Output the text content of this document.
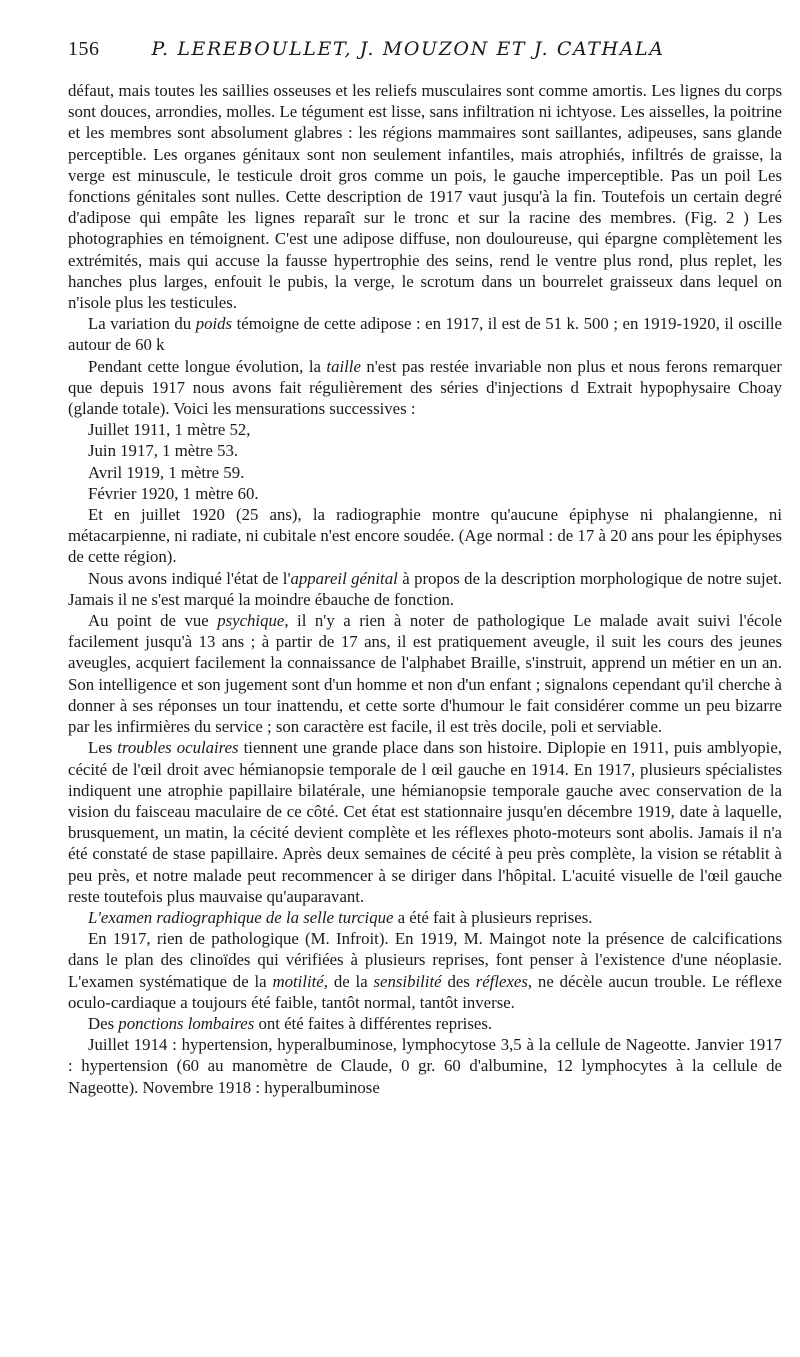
156	P. LEREBOULLET, J. MOUZON ET J. CATHALA

défaut, mais toutes les saillies osseuses et les reliefs musculaires sont comme amortis. Les lignes du corps sont douces, arrondies, molles. Le tégument est lisse, sans infiltration ni ichtyose. Les aisselles, la poitrine et les membres sont absolument glabres : les régions mammaires sont saillantes, adipeuses, sans glande perceptible. Les organes génitaux sont non seulement infantiles, mais atrophiés, infiltrés de graisse, la verge est minuscule, le testicule droit gros comme un pois, le gauche imperceptible. Pas un poil Les fonctions génitales sont nulles. Cette description de 1917 vaut jusqu'à la fin. Toutefois un certain degré d'adipose qui empâte les lignes reparaît sur le tronc et sur la racine des membres. (Fig. 2 ) Les photographies en témoignent. C'est une adipose diffuse, non douloureuse, qui épargne complètement les extrémités, mais qui accuse la fausse hypertrophie des seins, rend le ventre plus rond, plus replet, les hanches plus larges, enfouit le pubis, la verge, le scrotum dans un bourrelet graisseux dans lequel on n'isole plus les testicules.

La variation du poids témoigne de cette adipose : en 1917, il est de 51 k. 500 ; en 1919-1920, il oscille autour de 60 k

Pendant cette longue évolution, la taille n'est pas restée invariable non plus et nous ferons remarquer que depuis 1917 nous avons fait régulièrement des séries d'injections d Extrait hypophysaire Choay (glande totale). Voici les mensurations successives :

Juillet 1911, 1 mètre 52,

Juin 1917, 1 mètre 53.

Avril 1919, 1 mètre 59.

Février 1920, 1 mètre 60.

Et en juillet 1920 (25 ans), la radiographie montre qu'aucune épiphyse ni phalangienne, ni métacarpienne, ni radiate, ni cubitale n'est encore soudée. (Age normal : de 17 à 20 ans pour les épiphyses de cette région).

Nous avons indiqué l'état de l'appareil génital à propos de la description morphologique de notre sujet. Jamais il ne s'est marqué la moindre ébauche de fonction.

Au point de vue psychique, il n'y a rien à noter de pathologique Le malade avait suivi l'école facilement jusqu'à 13 ans ; à partir de 17 ans, il est pratiquement aveugle, il suit les cours des jeunes aveugles, acquiert facilement la connaissance de l'alphabet Braille, s'instruit, apprend un métier en un an. Son intelligence et son jugement sont d'un homme et non d'un enfant ; signalons cependant qu'il cherche à donner à ses réponses un tour inattendu, et cette sorte d'humour le fait considérer comme un peu bizarre par les infirmières du service ; son caractère est facile, il est très docile, poli et serviable.

Les troubles oculaires tiennent une grande place dans son histoire. Diplopie en 1911, puis amblyopie, cécité de l'œil droit avec hémianopsie temporale de l œil gauche en 1914. En 1917, plusieurs spécialistes indiquent une atrophie papillaire bilatérale, une hémianopsie temporale gauche avec conservation de la vision du faisceau maculaire de ce côté. Cet état est stationnaire jusqu'en décembre 1919, date à laquelle, brusquement, un matin, la cécité devient complète et les réflexes photo-moteurs sont abolis. Jamais il n'a été constaté de stase papillaire. Après deux semaines de cécité à peu près complète, la vision se rétablit à peu près, et notre malade peut recommencer à se diriger dans l'hôpital. L'acuité visuelle de l'œil gauche reste toutefois plus mauvaise qu'auparavant.

L'examen radiographique de la selle turcique a été fait à plusieurs reprises.

En 1917, rien de pathologique (M. Infroit). En 1919, M. Maingot note la présence de calcifications dans le plan des clinoïdes qui vérifiées à plusieurs reprises, font penser à l'existence d'une néoplasie. L'examen systématique de la motilité, de la sensibilité des réflexes, ne décèle aucun trouble. Le réflexe oculo-cardiaque a toujours été faible, tantôt normal, tantôt inverse.

Des ponctions lombaires ont été faites à différentes reprises.

Juillet 1914 : hypertension, hyperalbuminose, lymphocytose 3,5 à la cellule de Nageotte. Janvier 1917 : hypertension (60 au manomètre de Claude, 0 gr. 60 d'albumine, 12 lymphocytes à la cellule de Nageotte). Novembre 1918 : hyperalbuminose
